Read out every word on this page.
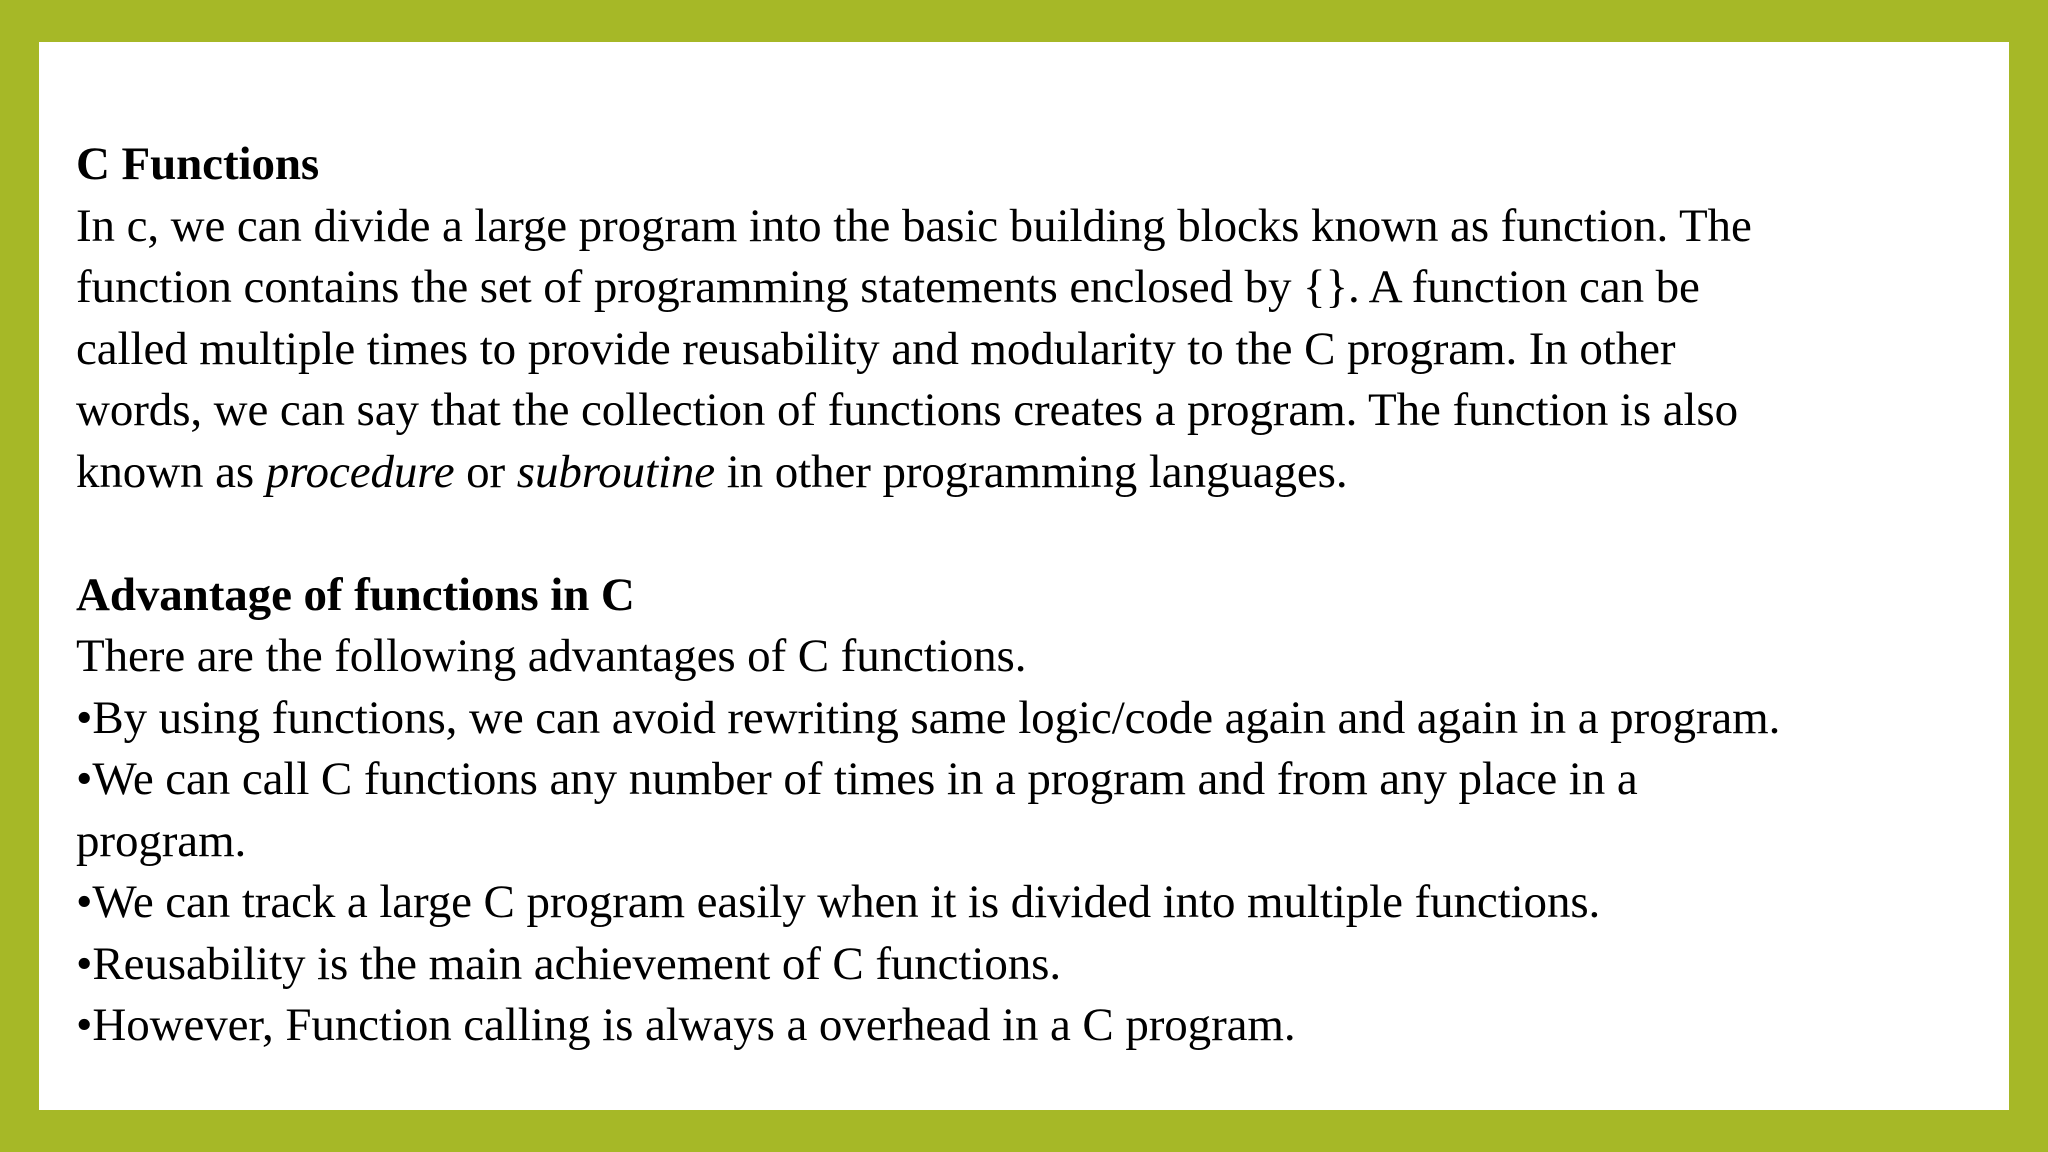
C Functions

In c, we can divide a large program into the basic building blocks known as function. The

function contains the set of programming statements enclosed by {}. A function can be

called multiple times to provide reusability and modularity to the C program. In other

words, we can say that the collection of functions creates a program. The function is also

known as procedure or subroutine in other programming languages.

Advantage of functions in C

There are the following advantages of C functions.

•By using functions, we can avoid rewriting same logic/code again and again in a program.

•We can call C functions any number of times in a program and from any place in a

program.

•We can track a large C program easily when it is divided into multiple functions.

•Reusability is the main achievement of C functions.

•However, Function calling is always a overhead in a C program.
